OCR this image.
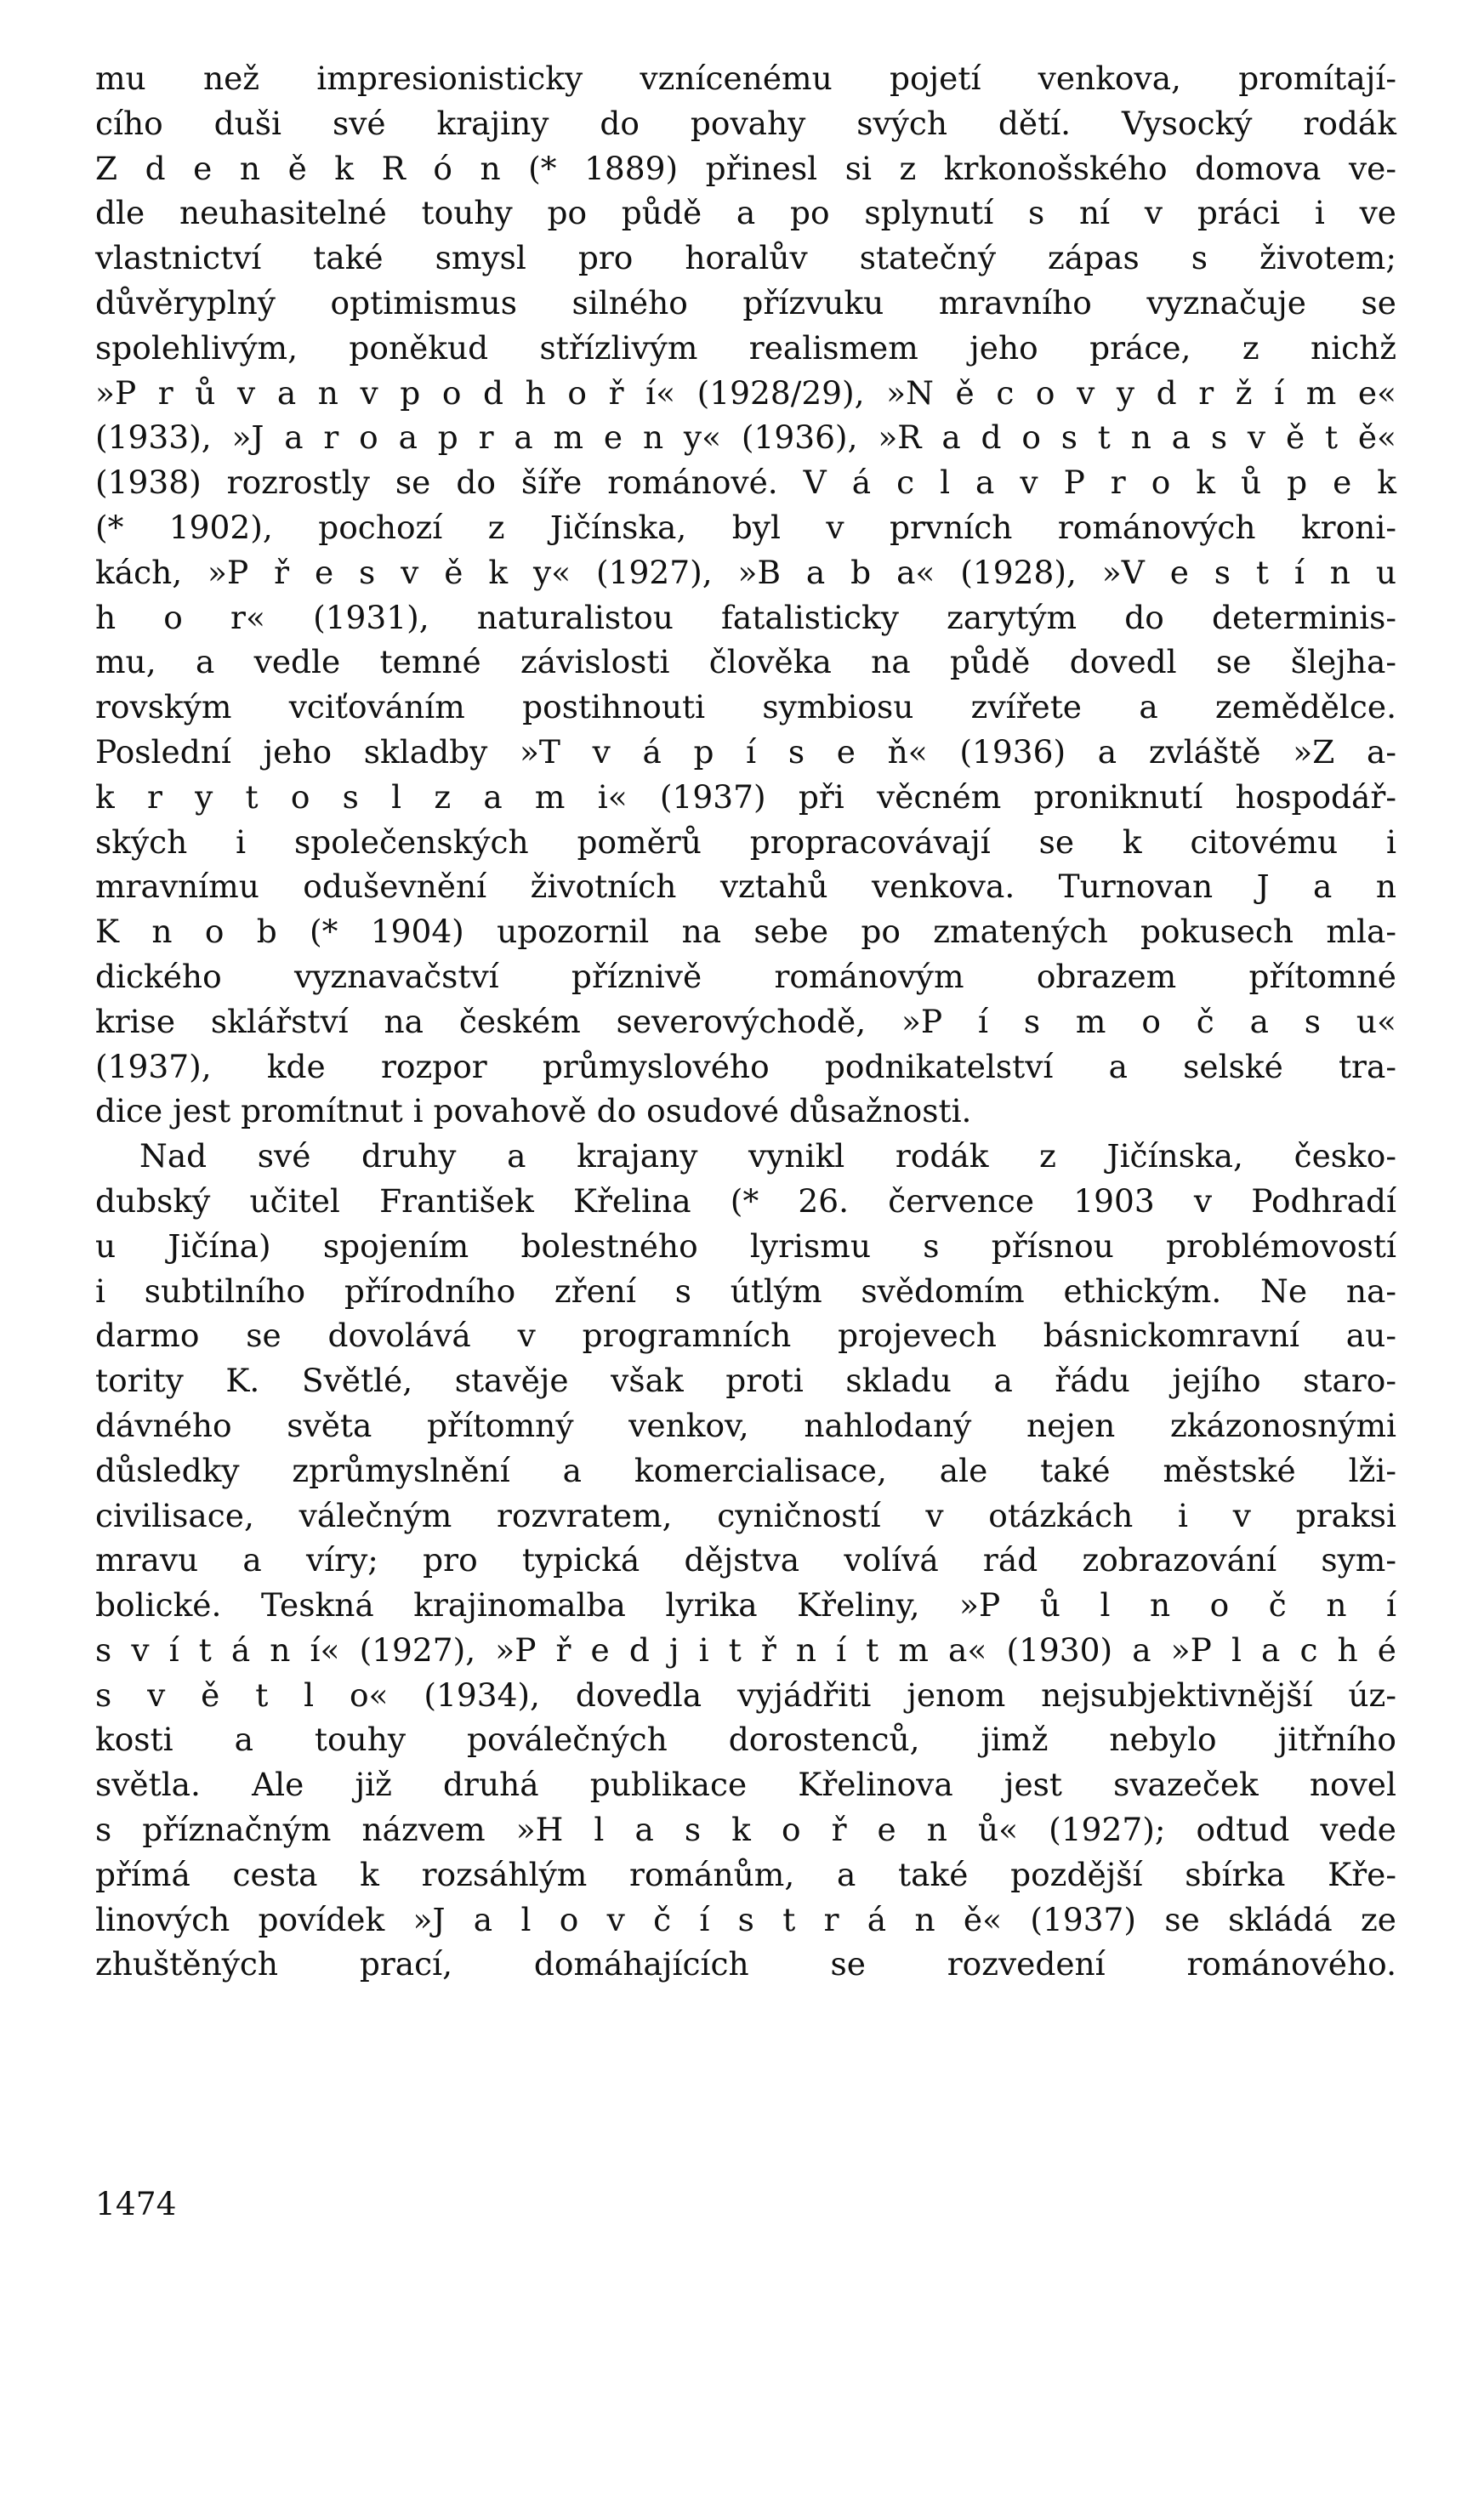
mu než impresionisticky vznícenému pojetí venkova, promítají-
cího duši své krajiny do povahy svých dětí. Vysocký rodák
Z d e n ě k R ó n (* 1889) přinesl si z krkonošského domova ve-
dle neuhasitelné touhy po půdě a po splynutí s ní v práci i ve
vlastnictví také smysl pro horalův statečný zápas s životem;
důvěryplný optimismus silného přízvuku mravního vyznačuje se
spolehlivým, poněkud střízlivým realismem jeho práce, z nichž
»P r ů v a n v p o d h o ř í« (1928/29), »N ě c o v y d r ž í m e«
(1933), »J a r o a p r a m e n y« (1936), »R a d o s t n a s v ě t ě«
(1938) rozrostly se do šíře románové. V á c l a v P r o k ů p e k
(* 1902), pochozí z Jičínska, byl v prvních románových kroni-
kách, »P ř e s v ě k y« (1927), »B a b a« (1928), »V e s t í n u
h o r« (1931), naturalistou fatalisticky zarytým do determinis-
mu, a vedle temné závislosti člověka na půdě dovedl se šlejha-
rovským vciťováním postihnouti symbiosu zvířete a zemědělce.
Poslední jeho skladby »T v á p í s e ň« (1936) a zvláště »Z a-
k r y t o s l z a m i« (1937) při věcném proniknutí hospodář-
ských i společenských poměrů propracovávají se k citovému i
mravnímu oduševnění životních vztahů venkova. Turnovan J a n
K n o b (* 1904) upozornil na sebe po zmatených pokusech mla-
dického vyznavačství příznivě románovým obrazem přítomné
krise sklářství na českém severovýchodě, »P í s m o č a s u«
(1937), kde rozpor průmyslového podnikatelství a selské tra-
dice jest promítnut i povahově do osudové důsažnosti.
Nad své druhy a krajany vynikl rodák z Jičínska, česko-
dubský učitel František Křelina (* 26. července 1903 v Podhradí
u Jičína) spojením bolestného lyrismu s přísnou problémovostí
i subtilního přírodního zření s útlým svědomím ethickým. Ne na-
darmo se dovolává v programních projevech básnickomravní au-
tority K. Světlé, stavěje však proti skladu a řádu jejího staro-
dávného světa přítomný venkov, nahlodaný nejen zkázonosnými
důsledky zprůmyslnění a komercialisace, ale také městské lži-
civilisace, válečným rozvratem, cyničností v otázkách i v praksi
mravu a víry; pro typická dějstva volívá rád zobrazování sym-
bolické. Teskná krajinomalba lyrika Křeliny, »P ů l n o č n í
s v í t á n í« (1927), »P ř e d j i t ř n í t m a« (1930) a »P l a c h é
s v ě t l o« (1934), dovedla vyjádřiti jenom nejsubjektivnější úz-
kosti a touhy poválečných dorostenců, jimž nebylo jitřního
světla. Ale již druhá publikace Křelinova jest svazeček novel
s příznačným názvem »H l a s k o ř e n ů« (1927); odtud vede
přímá cesta k rozsáhlým románům, a také pozdější sbírka Kře-
linových povídek »J a l o v č í s t r á n ě« (1937) se skládá ze
zhuštěných prací, domáhajících se rozvedení románového.
1474
